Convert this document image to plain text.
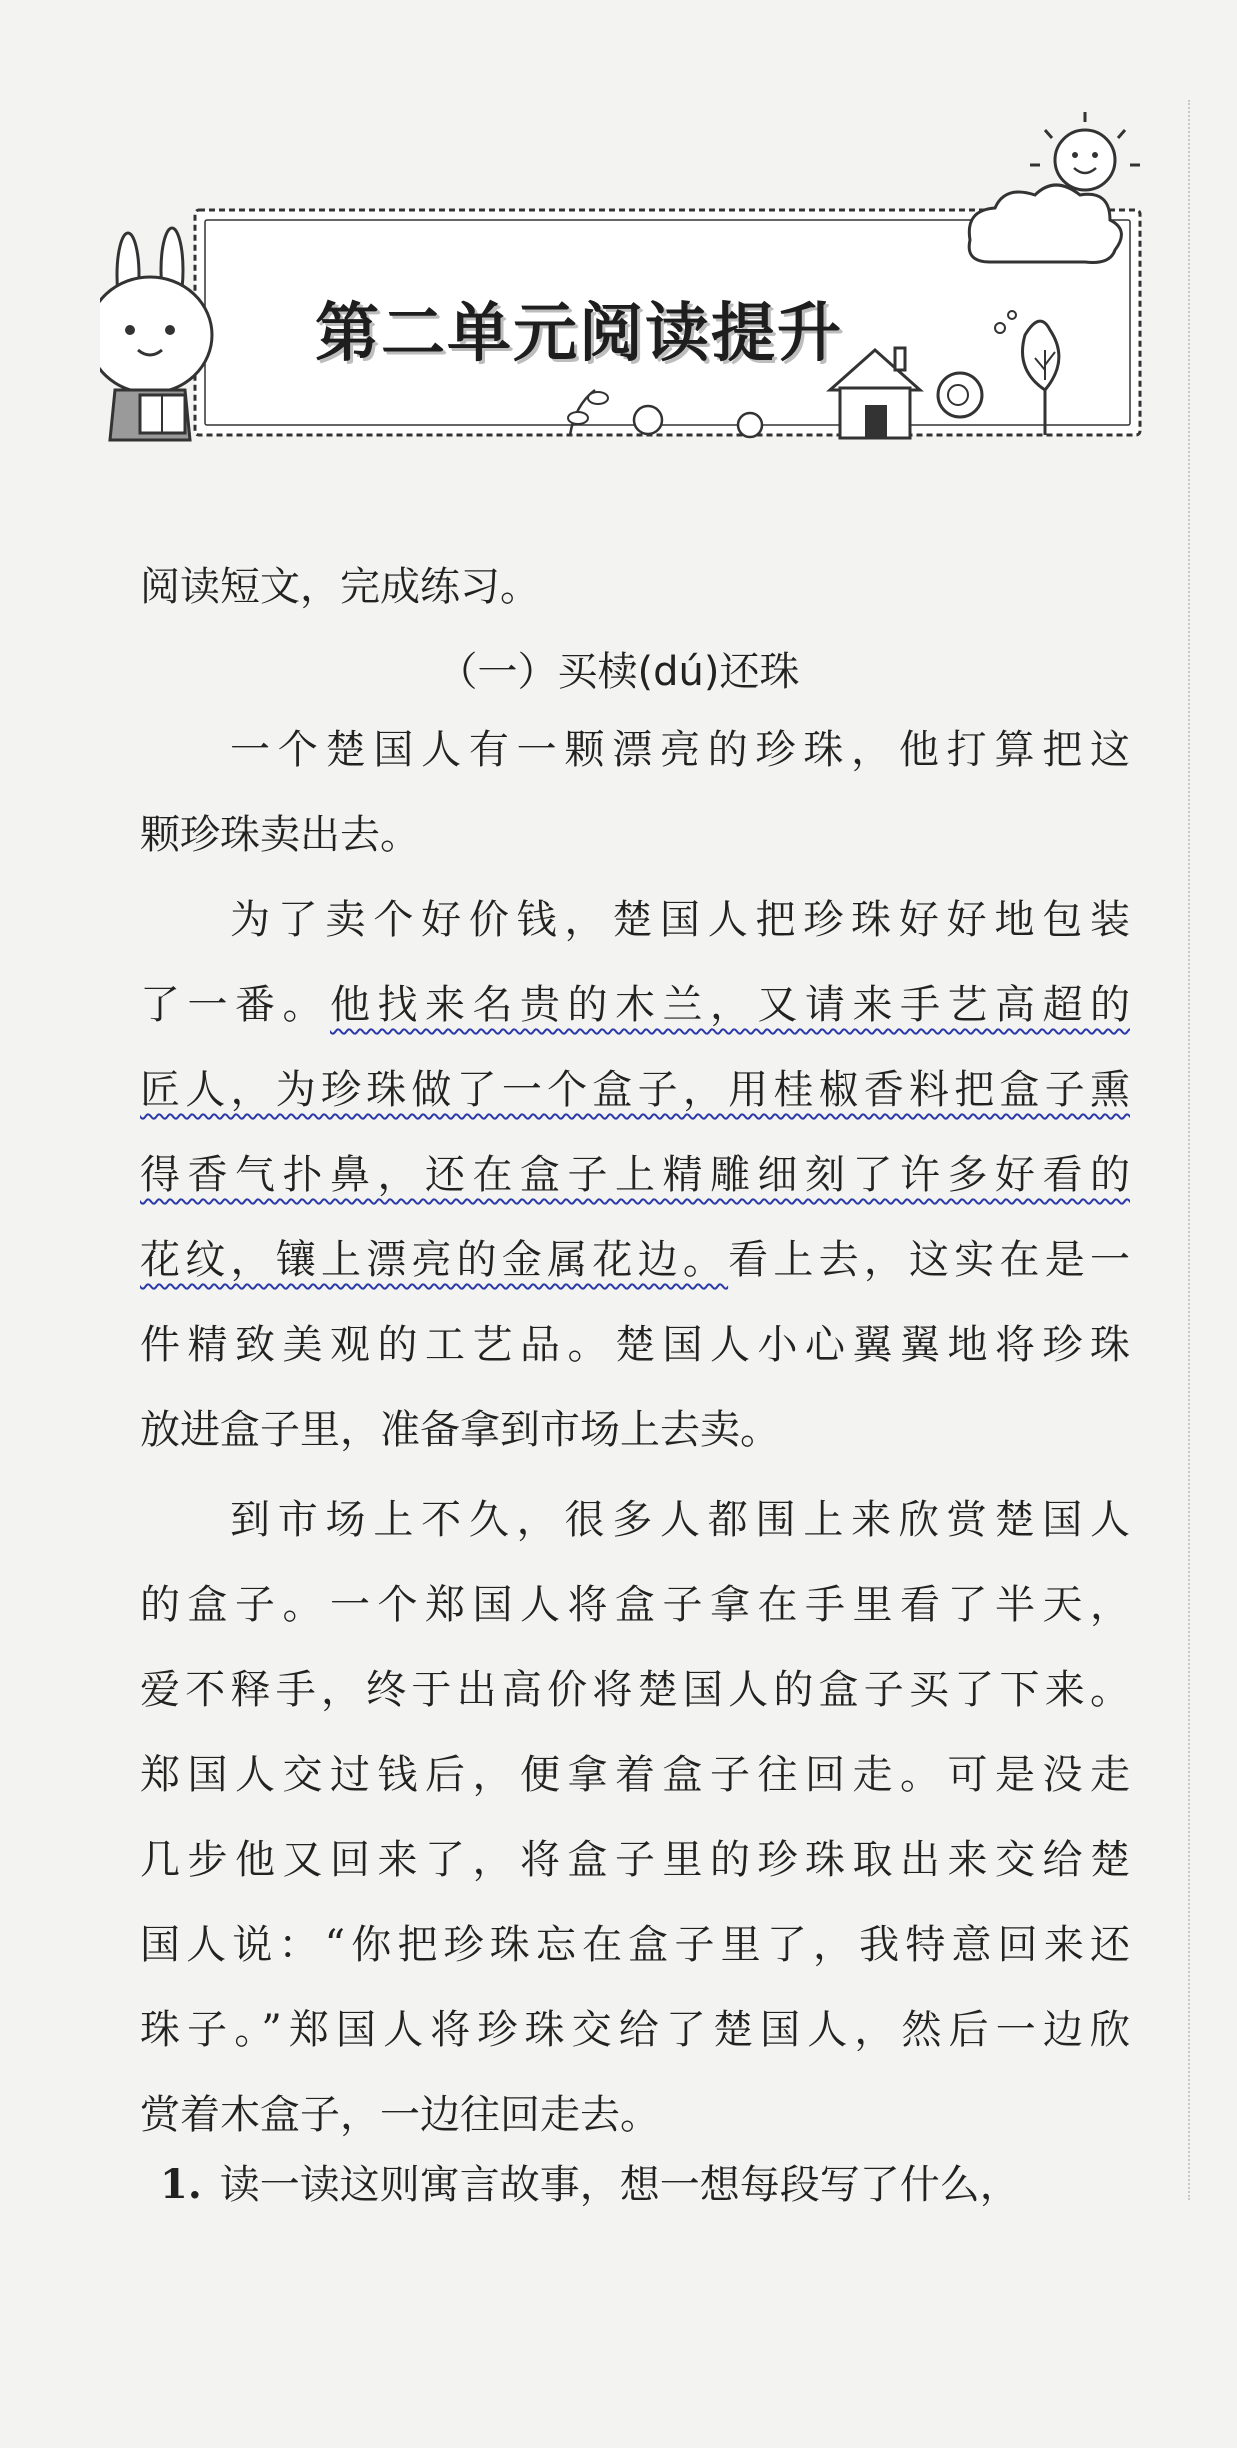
第二单元阅读提升
阅读短文，完成练习。
（一）买椟(dú)还珠
一个楚国人有一颗漂亮的珍珠，他打算把这
颗珍珠卖出去。
为了卖个好价钱，楚国人把珍珠好好地包装
了一番。他找来名贵的木兰，又请来手艺高超的
匠人，为珍珠做了一个盒子，用桂椒香料把盒子熏
得香气扑鼻，还在盒子上精雕细刻了许多好看的
花纹，镶上漂亮的金属花边。看上去，这实在是一
件精致美观的工艺品。楚国人小心翼翼地将珍珠
放进盒子里，准备拿到市场上去卖。
到市场上不久，很多人都围上来欣赏楚国人
的盒子。一个郑国人将盒子拿在手里看了半天，
爱不释手，终于出高价将楚国人的盒子买了下来。
郑国人交过钱后，便拿着盒子往回走。可是没走
几步他又回来了，将盒子里的珍珠取出来交给楚
国人说：“你把珍珠忘在盒子里了，我特意回来还
珠子。”郑国人将珍珠交给了楚国人，然后一边欣
赏着木盒子，一边往回走去。
1. 读一读这则寓言故事，想一想每段写了什么，
